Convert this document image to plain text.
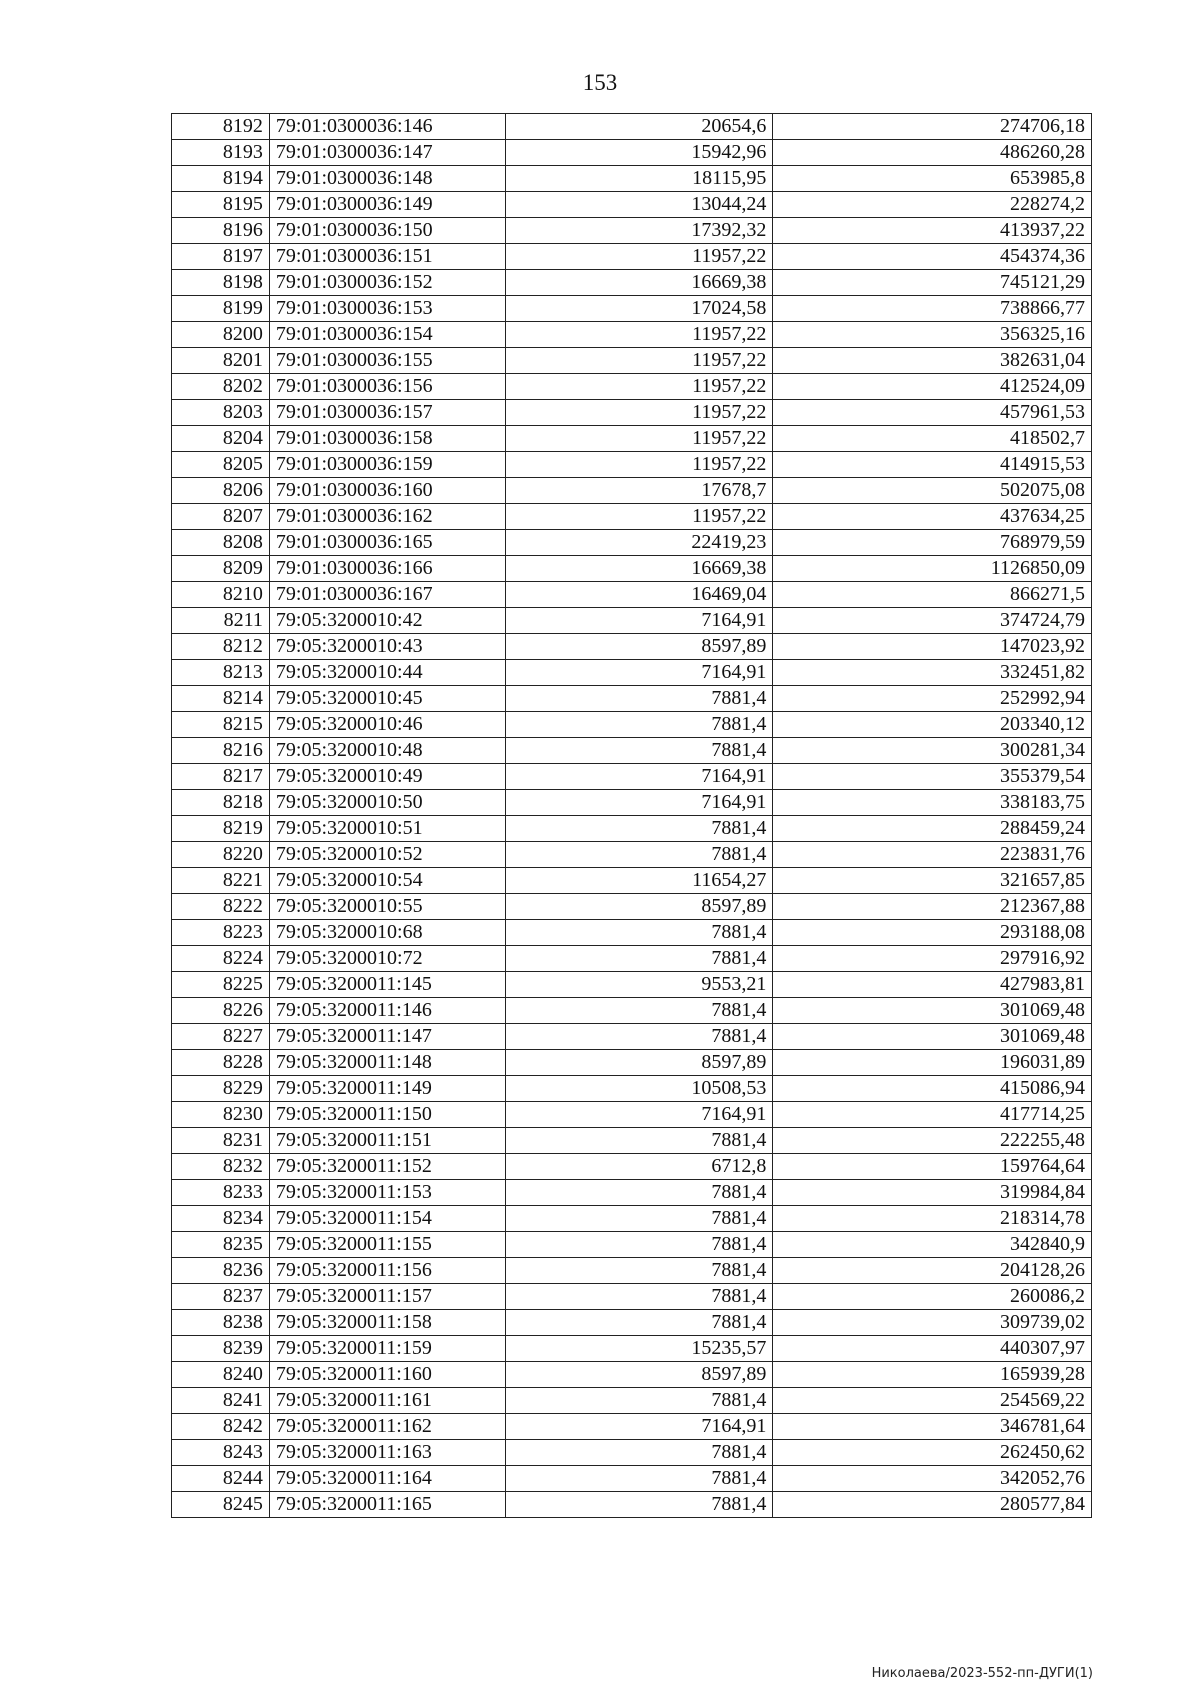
153
8192	79:01:0300036:146	20654,6	274706,18
8193	79:01:0300036:147	15942,96	486260,28
8194	79:01:0300036:148	18115,95	653985,8
8195	79:01:0300036:149	13044,24	228274,2
8196	79:01:0300036:150	17392,32	413937,22
8197	79:01:0300036:151	11957,22	454374,36
8198	79:01:0300036:152	16669,38	745121,29
8199	79:01:0300036:153	17024,58	738866,77
8200	79:01:0300036:154	11957,22	356325,16
8201	79:01:0300036:155	11957,22	382631,04
8202	79:01:0300036:156	11957,22	412524,09
8203	79:01:0300036:157	11957,22	457961,53
8204	79:01:0300036:158	11957,22	418502,7
8205	79:01:0300036:159	11957,22	414915,53
8206	79:01:0300036:160	17678,7	502075,08
8207	79:01:0300036:162	11957,22	437634,25
8208	79:01:0300036:165	22419,23	768979,59
8209	79:01:0300036:166	16669,38	1126850,09
8210	79:01:0300036:167	16469,04	866271,5
8211	79:05:3200010:42	7164,91	374724,79
8212	79:05:3200010:43	8597,89	147023,92
8213	79:05:3200010:44	7164,91	332451,82
8214	79:05:3200010:45	7881,4	252992,94
8215	79:05:3200010:46	7881,4	203340,12
8216	79:05:3200010:48	7881,4	300281,34
8217	79:05:3200010:49	7164,91	355379,54
8218	79:05:3200010:50	7164,91	338183,75
8219	79:05:3200010:51	7881,4	288459,24
8220	79:05:3200010:52	7881,4	223831,76
8221	79:05:3200010:54	11654,27	321657,85
8222	79:05:3200010:55	8597,89	212367,88
8223	79:05:3200010:68	7881,4	293188,08
8224	79:05:3200010:72	7881,4	297916,92
8225	79:05:3200011:145	9553,21	427983,81
8226	79:05:3200011:146	7881,4	301069,48
8227	79:05:3200011:147	7881,4	301069,48
8228	79:05:3200011:148	8597,89	196031,89
8229	79:05:3200011:149	10508,53	415086,94
8230	79:05:3200011:150	7164,91	417714,25
8231	79:05:3200011:151	7881,4	222255,48
8232	79:05:3200011:152	6712,8	159764,64
8233	79:05:3200011:153	7881,4	319984,84
8234	79:05:3200011:154	7881,4	218314,78
8235	79:05:3200011:155	7881,4	342840,9
8236	79:05:3200011:156	7881,4	204128,26
8237	79:05:3200011:157	7881,4	260086,2
8238	79:05:3200011:158	7881,4	309739,02
8239	79:05:3200011:159	15235,57	440307,97
8240	79:05:3200011:160	8597,89	165939,28
8241	79:05:3200011:161	7881,4	254569,22
8242	79:05:3200011:162	7164,91	346781,64
8243	79:05:3200011:163	7881,4	262450,62
8244	79:05:3200011:164	7881,4	342052,76
8245	79:05:3200011:165	7881,4	280577,84
Николаева/2023-552-пп-ДУГИ(1)
